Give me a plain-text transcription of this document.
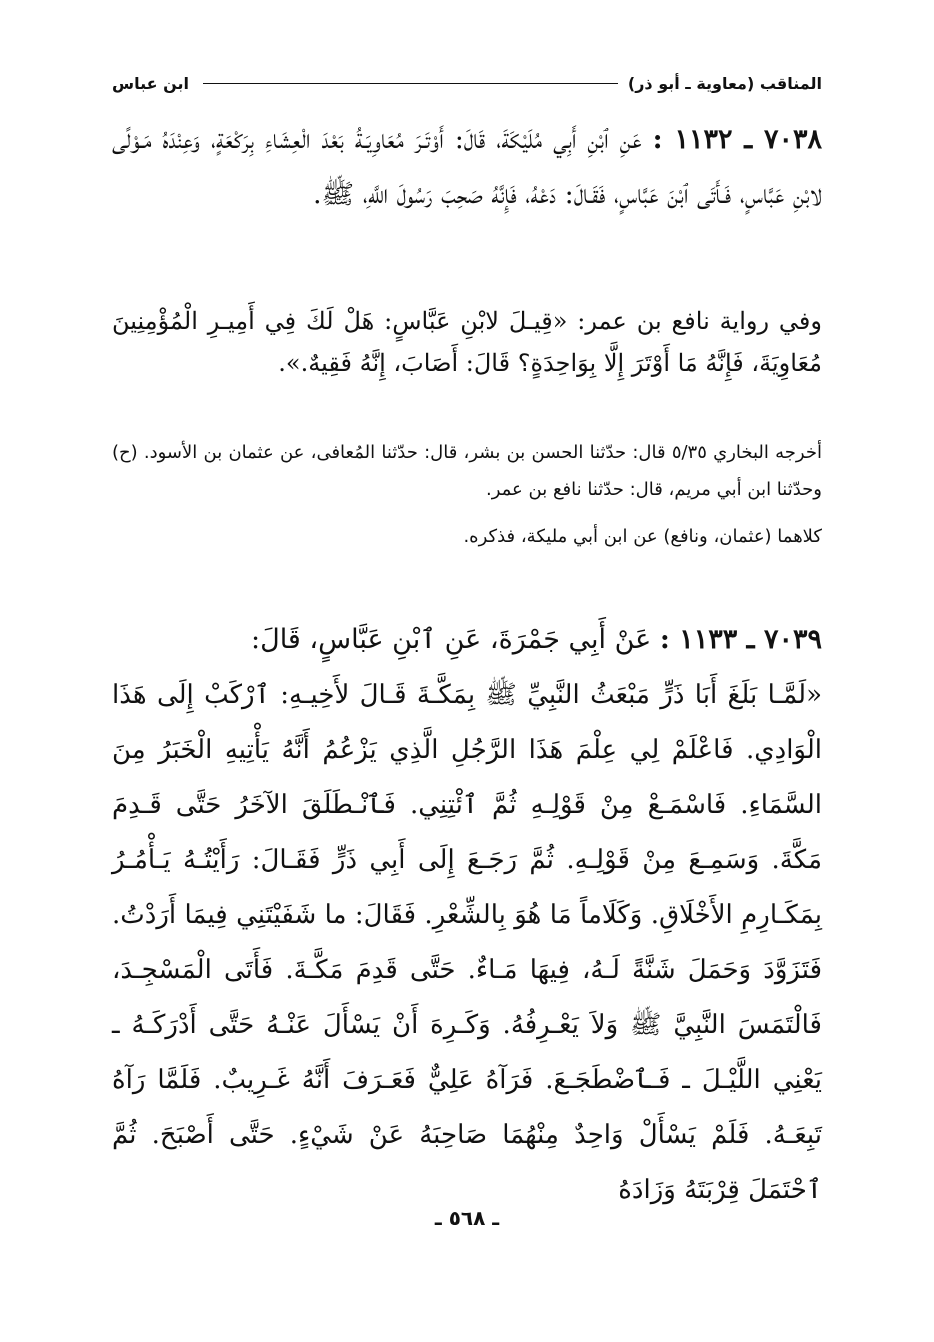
المناقب (معاوية ـ أبو ذر)
ابن عباس

٧٠٣٨ ـ ١١٣٢ : عَنِ ٱبْنِ أَبِي مُلَيْكَةَ، قَالَ: أَوْتَـرَ مُعَاوِيَـةُ بَعْدَ الْعِشَاءِ بِرَكْعَةٍ، وَعِنْدَهُ مَـوْلًى لابْنِ عَبَّاسٍ، فَـأَتَى ٱبْنَ عَبَّاسٍ، فَقَـالَ: دَعْهُ، فَإِنَّهُ صَحِبَ رَسُولَ اللَّهِ، ﷺ.

وفي رواية نافع بن عمر: «قِيـلَ لابْنِ عَبَّاسٍ: هَلْ لَكَ فِي أَمِيـرِ الْمُؤْمِنِينَ مُعَاوِيَةَ، فَإِنَّهُ مَا أَوْتَرَ إِلَّا بِوَاحِدَةٍ؟ قَالَ: أَصَابَ، إِنَّهُ فَقِيهٌ.».

أخرجه البخاري ٥/٣٥ قال: حدّثنا الحسن بن بشر، قال: حدّثنا المُعافى، عن عثمان بن الأسود. (ح) وحدّثنا ابن أبي مريم، قال: حدّثنا نافع بن عمر.

كلاهما (عثمان، ونافع) عن ابن أبي مليكة، فذكره.

٧٠٣٩ ـ ١١٣٣ : عَنْ أَبِي جَمْرَةَ، عَنِ ٱبْنِ عَبَّاسٍ، قَالَ:

«لَمَّـا بَلَغَ أَبَا ذَرٍّ مَبْعَثُ النَّبِيِّ ﷺ بِمَكَّـةَ قَـالَ لأَخِيـهِ: ٱرْكَبْ إِلَى هَذَا الْوَادِي. فَاعْلَمْ لِي عِلْمَ هَذَا الرَّجُلِ الَّذِي يَزْعُمُ أَنَّهُ يَأْتِيهِ الْخَبَرُ مِنَ السَّمَاءِ. فَاسْمَـعْ مِنْ قَوْلِـهِ ثُمَّ ٱئْتِنِي. فَٱنْـطَلَقَ الآخَرُ حَتَّى قَـدِمَ مَكَّةَ. وَسَمِـعَ مِنْ قَوْلِـهِ. ثُمَّ رَجَـعَ إِلَى أَبِي ذَرٍّ فَقَـالَ: رَأَيْتُـهُ يَـأْمُـرُ بِمَكَـارِمِ الأَخْلَاقِ. وَكَلَاماً مَا هُوَ بِالشِّعْرِ. فَقَالَ: ما شَفَيْتَنِي فِيمَا أَرَدْتُ. فَتَزَوَّدَ وَحَمَلَ شَنَّةً لَـهُ، فِيهَا مَـاءٌ. حَتَّى قَدِمَ مَكَّـةَ. فَأَتَى الْمَسْجِـدَ، فَالْتَمَسَ النَّبِيَّ ﷺ وَلاَ يَعْـرِفُهُ. وَكَـرِهَ أَنْ يَسْأَلَ عَنْـهُ حَتَّى أَدْرَكَـهُ ـ يَعْنِي اللَّيْـلَ ـ فَـٱضْطَجَـعَ. فَرَآهُ عَلِيٌّ فَعَـرَفَ أَنَّهُ غَـرِيبٌ. فَلَمَّا رَآهُ تَبِعَـهُ. فَلَمْ يَسْأَلْ وَاحِدٌ مِنْهُمَا صَاحِبَهُ عَنْ شَيْءٍ. حَتَّى أَصْبَحَ. ثُمَّ ٱحْتَمَلَ قِرْبَتَهُ وَزَادَهُ
ـ ٥٦٨ ـ
